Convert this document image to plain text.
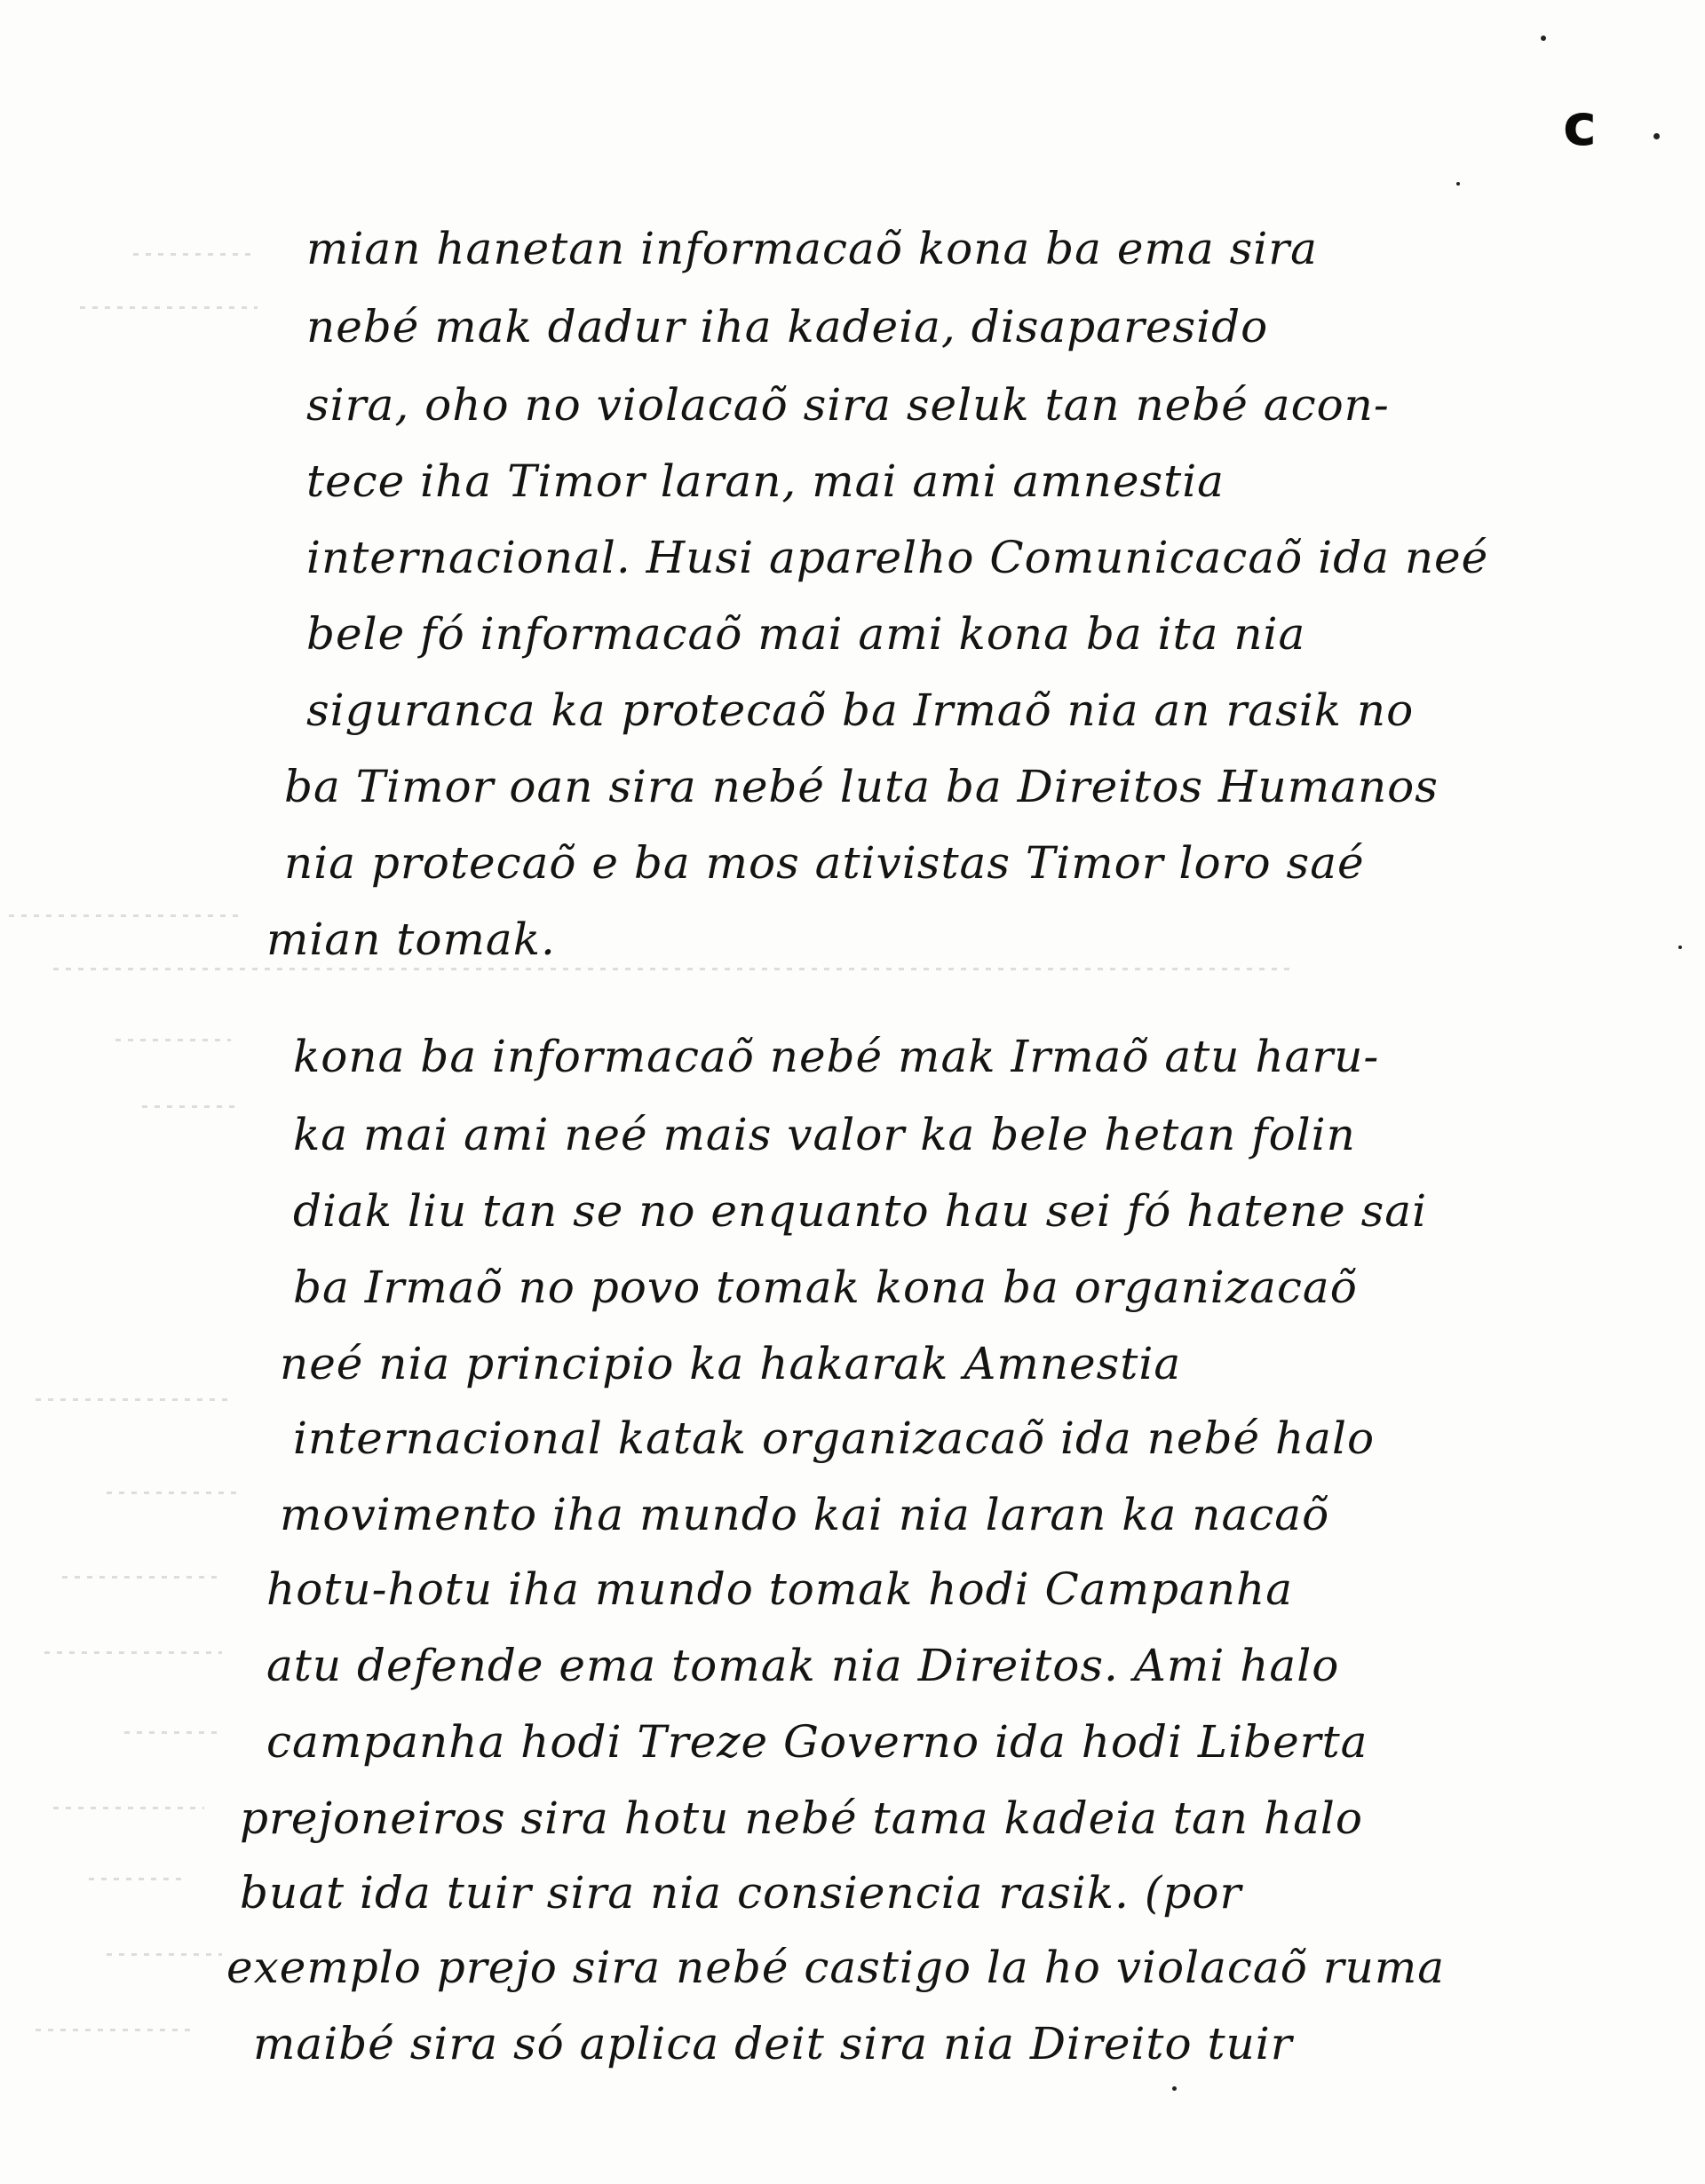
c
mian hanetan informacaõ kona ba ema sira
nebé mak dadur iha kadeia, disaparesido
sira, oho no violacaõ sira seluk tan nebé acon-
tece iha Timor laran, mai ami amnestia
internacional. Husi aparelho Comunicacaõ ida neé
bele fó informacaõ mai ami kona ba ita nia
siguranca ka protecaõ ba Irmaõ nia an rasik no
ba Timor oan sira nebé luta ba Direitos Humanos
nia protecaõ e ba mos ativistas Timor loro saé
mian tomak.
kona ba informacaõ nebé mak Irmaõ atu haru-
ka mai ami neé mais valor ka bele hetan folin
diak liu tan se no enquanto hau sei fó hatene sai
ba Irmaõ no povo tomak kona ba organizacaõ
neé nia principio ka hakarak Amnestia
internacional katak organizacaõ ida nebé halo
movimento iha mundo kai nia laran ka nacaõ
hotu-hotu iha mundo tomak hodi Campanha
atu defende ema tomak nia Direitos. Ami halo
campanha hodi Treze Governo ida hodi Liberta
prejoneiros sira hotu nebé tama kadeia tan halo
buat ida tuir sira nia consiencia rasik. (por
exemplo prejo sira nebé castigo la ho violacaõ ruma
maibé sira só aplica deit sira nia Direito tuir
